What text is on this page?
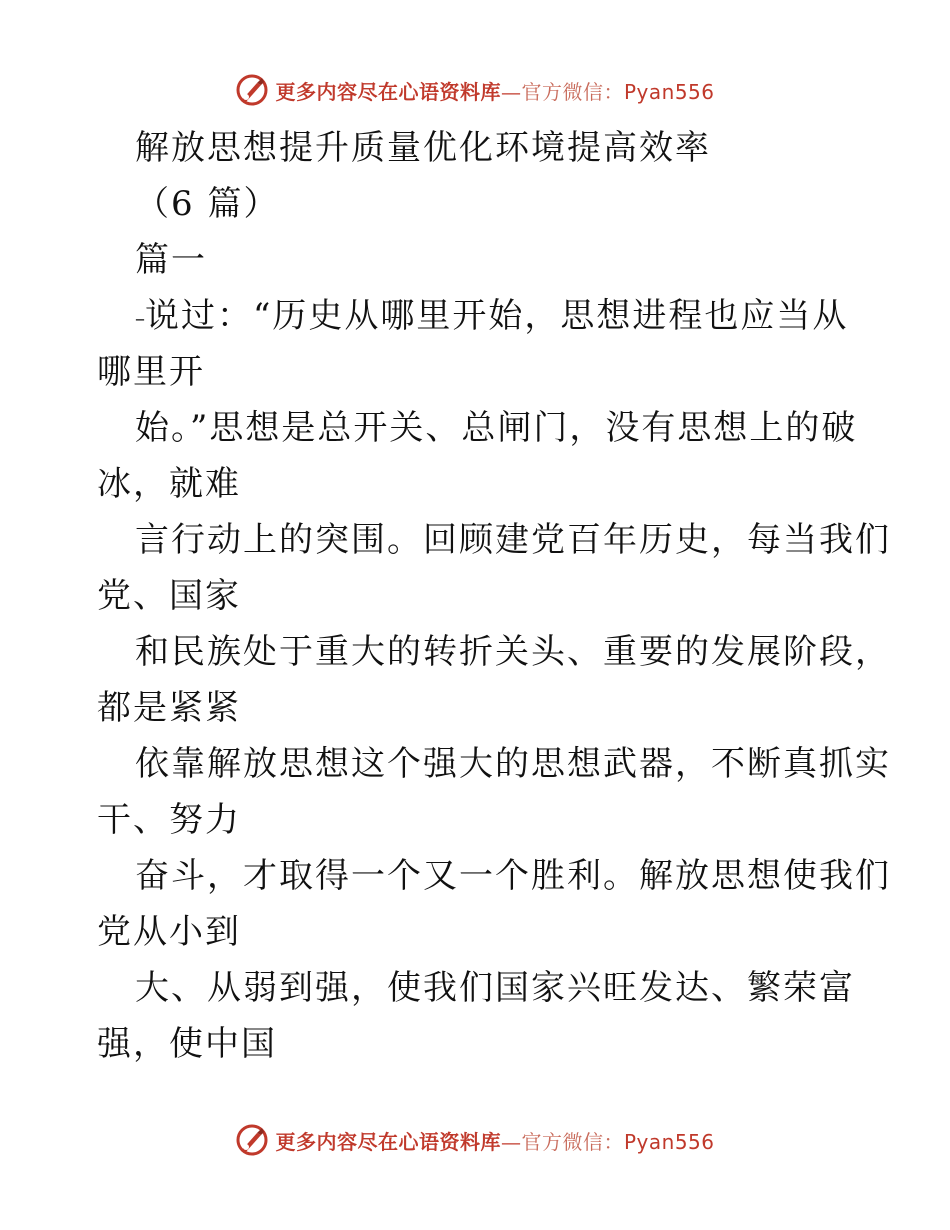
更多内容尽在心语资料库—官方微信：Pyan556
解放思想提升质量优化环境提高效率
（6 篇）
篇一
–说过：“历史从哪里开始，思想进程也应当从
哪里开
始。”思想是总开关、总闸门，没有思想上的破
冰，就难
言行动上的突围。回顾建党百年历史，每当我们
党、国家
和民族处于重大的转折关头、重要的发展阶段，
都是紧紧
依靠解放思想这个强大的思想武器，不断真抓实
干、努力
奋斗，才取得一个又一个胜利。解放思想使我们
党从小到
大、从弱到强，使我们国家兴旺发达、繁荣富
强，使中国
更多内容尽在心语资料库—官方微信：Pyan556
